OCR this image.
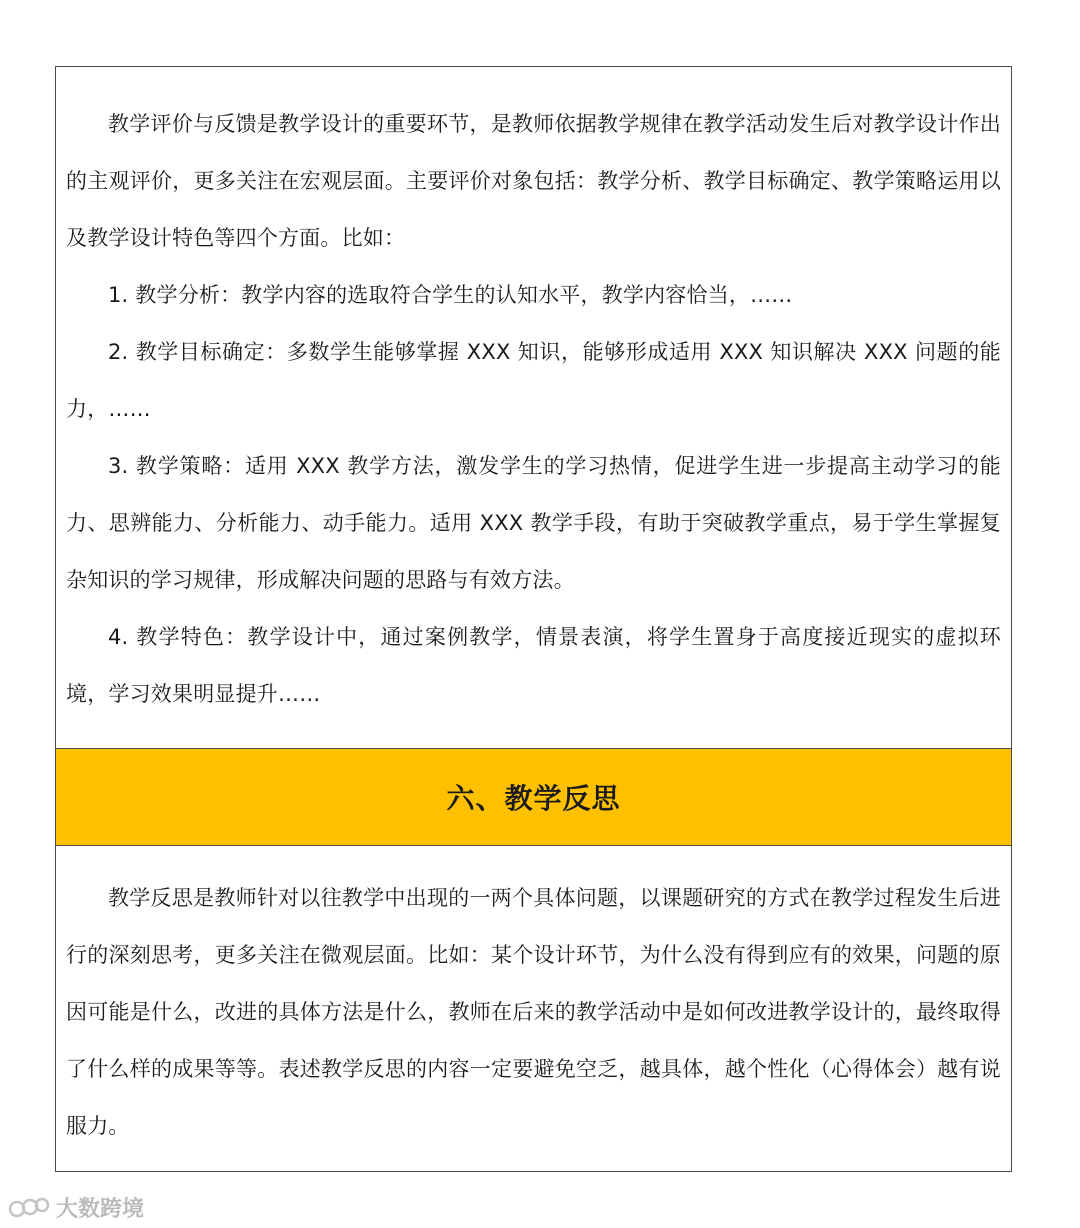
教学评价与反馈是教学设计的重要环节，是教师依据教学规律在教学活动发生后对教学设计作出的主观评价，更多关注在宏观层面。主要评价对象包括：教学分析、教学目标确定、教学策略运用以及教学设计特色等四个方面。比如：

1. 教学分析：教学内容的选取符合学生的认知水平，教学内容恰当，……

2. 教学目标确定：多数学生能够掌握 XXX 知识，能够形成适用 XXX 知识解决 XXX 问题的能力，……

3. 教学策略：适用 XXX 教学方法，激发学生的学习热情，促进学生进一步提高主动学习的能力、思辨能力、分析能力、动手能力。适用 XXX 教学手段，有助于突破教学重点，易于学生掌握复杂知识的学习规律，形成解决问题的思路与有效方法。

4. 教学特色：教学设计中，通过案例教学，情景表演，将学生置身于高度接近现实的虚拟环境，学习效果明显提升……

六、教学反思

教学反思是教师针对以往教学中出现的一两个具体问题，以课题研究的方式在教学过程发生后进行的深刻思考，更多关注在微观层面。比如：某个设计环节，为什么没有得到应有的效果，问题的原因可能是什么，改进的具体方法是什么，教师在后来的教学活动中是如何改进教学设计的，最终取得了什么样的成果等等。表述教学反思的内容一定要避免空乏，越具体，越个性化（心得体会）越有说服力。

大数跨境
